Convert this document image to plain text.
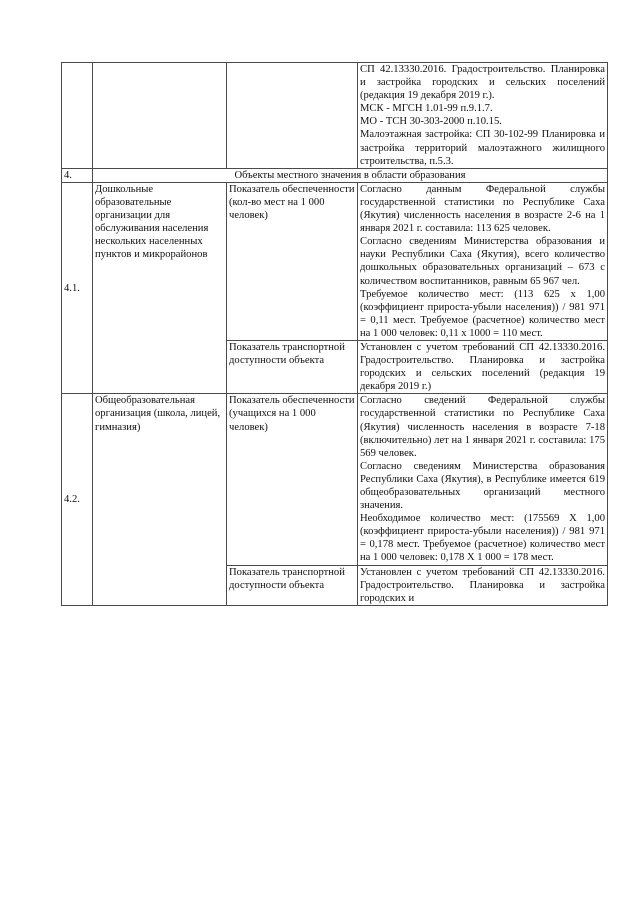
			СП 42.13330.2016. Градостроительство. Планировка и застройка городских и сельских поселений (редакция 19 декабря 2019 г.).
МСК - МГСН 1.01-99 п.9.1.7.
МО - ТСН 30-303-2000 п.10.15.
Малоэтажная застройка: СП 30-102-99 Планировка и застройка территорий малоэтажного жилищного строительства, п.5.3.

4.	Объекты местного значения в области образования		
4.1.	Дошкольные образовательные организации для обслуживания населения нескольких населенных пунктов и микрорайонов	Показатель обеспеченности (кол-во мест на 1 000 человек)	Согласно данным Федеральной службы государственной статистики по Республике Саха (Якутия) численность населения в возрасте 2-6 на 1 января 2021 г. составила: 113 625 человек.
Согласно сведениям Министерства образования и науки Республики Саха (Якутия), всего количество дошкольных образовательных организаций – 673 с количеством воспитанников, равным 65 967 чел.
Требуемое количество мест: (113 625 х 1,00 (коэффициент прироста-убыли населения)) / 981 971 = 0,11 мест. Требуемое (расчетное) количество мест на 1 000 человек: 0,11 х 1000 = 110 мест.

		Показатель транспортной доступности объекта	Установлен с учетом требований СП 42.13330.2016. Градостроительство. Планировка и застройка городских и сельских поселений (редакция 19 декабря 2019 г.)
4.2.	Общеобразовательная организация (школа, лицей, гимназия)	Показатель обеспеченности (учащихся на 1 000 человек)	Согласно сведений Федеральной службы государственной статистики по Республике Саха (Якутия) численность населения в возрасте 7-18 (включительно) лет на 1 января 2021 г. составила: 175 569 человек.
Согласно сведениям Министерства образования Республики Саха (Якутия), в Республике имеется 619 общеобразовательных организаций местного значения.
Необходимое количество мест: (175569 Х 1,00 (коэффициент прироста-убыли населения)) / 981 971 = 0,178 мест. Требуемое (расчетное) количество мест на 1 000 человек: 0,178 Х 1 000 = 178 мест.

		Показатель транспортной доступности объекта	Установлен с учетом требований СП 42.13330.2016. Градостроительство. Планировка и застройка городских и
